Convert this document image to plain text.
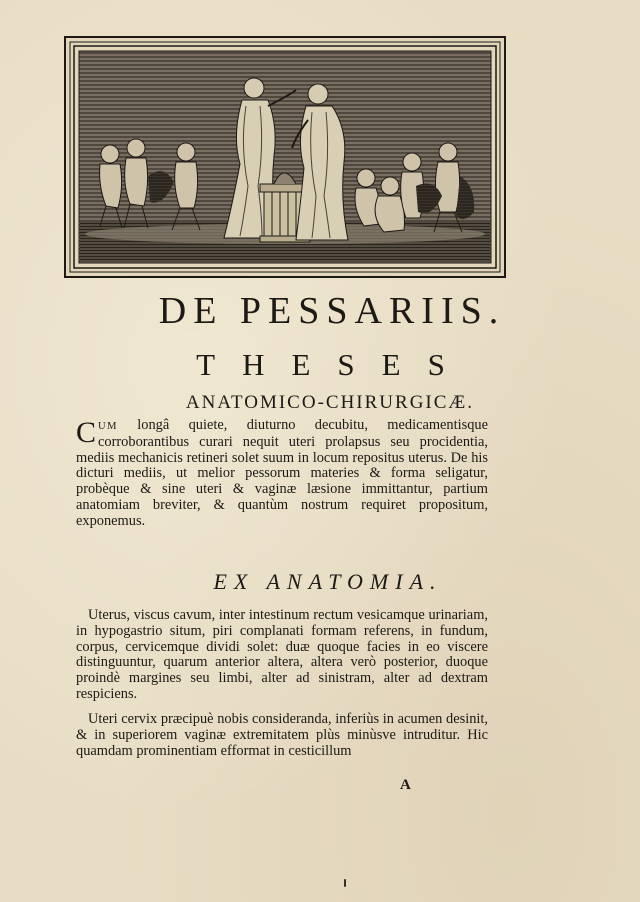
DE PESSARIIS.
THESES
ANATOMICO-CHIRURGICÆ.

CUM longâ quiete, diuturno decubitu, medicamentisque corroborantibus curari nequit uteri prolapsus seu procidentia, mediis mechanicis retineri solet suum in locum repositus uterus. De his dicturi mediis, ut melior pessorum materies & forma seligatur, probèque & sine uteri & vaginæ læsione immittantur, partium anatomiam breviter, & quantùm nostrum requiret propositum, exponemus.

EX ANATOMIA.

Uterus, viscus cavum, inter intestinum rectum vesicamque urinariam, in hypogastrio situm, piri complanati formam referens, in fundum, corpus, cervicemque dividi solet: duæ quoque facies in eo viscere distinguuntur, quarum anterior altera, altera verò posterior, duoque proindè margines seu limbi, alter ad sinistram, alter ad dextram respiciens.

Uteri cervix præcipuè nobis consideranda, inferiùs in acumen desinit, & in superiorem vaginæ extremitatem plùs minùsve intruditur. Hic quamdam prominentiam efformat in cesticillum

A
